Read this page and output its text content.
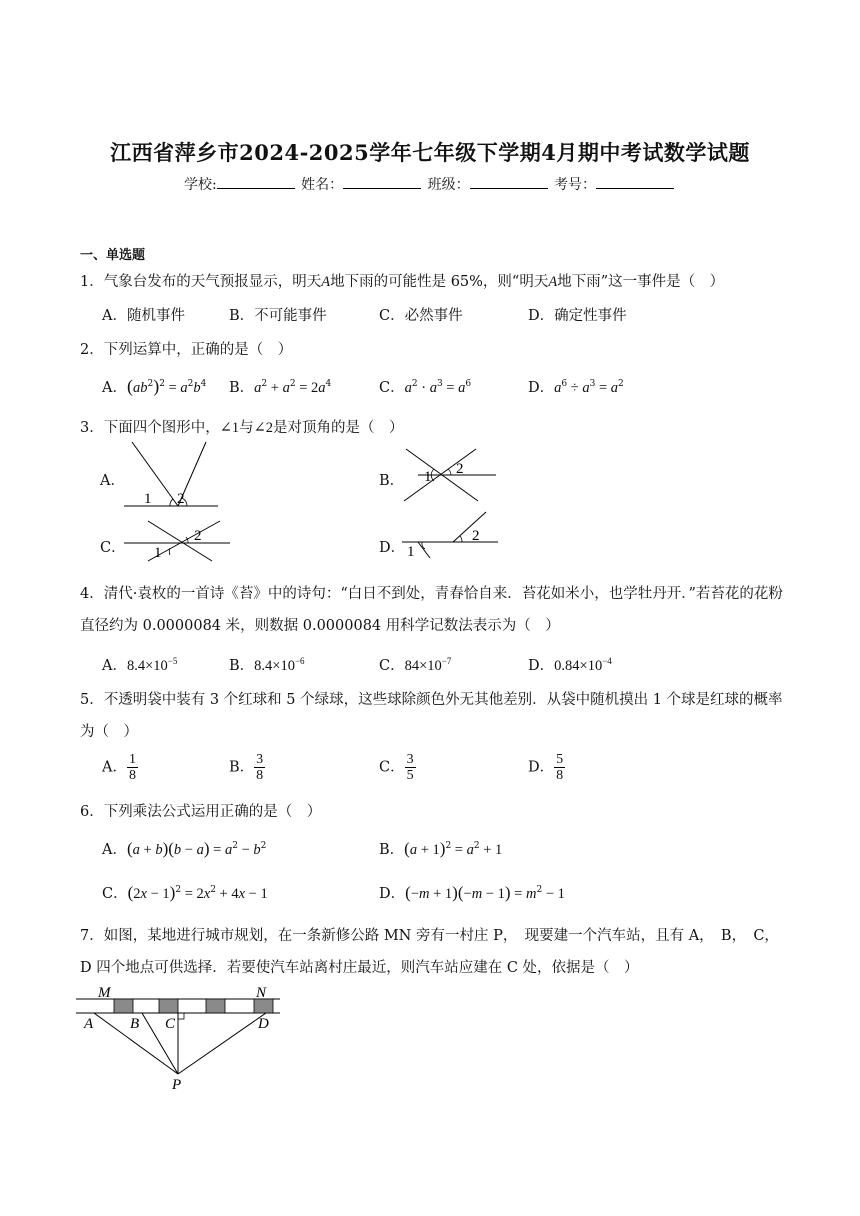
江西省萍乡市2024-2025学年七年级下学期4月期中考试数学试题
学校:	姓名：	班级：	考号：
一、单选题
1．气象台发布的天气预报显示，明天A地下雨的可能性是 65%，则“明天A地下雨”这一事件是（　）
A．随机事件	B．不可能事件	C．必然事件	D．确定性事件
2．下列运算中，正确的是（　）
A．$(ab^2)^2 = a^2b^4$ B．$a^2 + a^2 = 2a^4$	C．$a^2 \cdot a^3 = a^6$	D．$a^6 \div a^3 = a^2$
3．下面四个图形中，∠1与∠2是对顶角的是（　）
A．	B．
C．	D．
1 2
1 2
1
2
1
2
4．清代·袁枚的一首诗《苔》中的诗句：“白日不到处，青春恰自来．苔花如米小，也学牡丹开．”若苔花的花粉直径约为 0.0000084 米，则数据 0.0000084 用科学记数法表示为（　）
A．$8.4\times 10^{-5}$	B．$8.4\times 10^{-6}$	C．$84\times 10^{-7}$	D．$0.84\times 10^{-4}$
5．不透明袋中装有 3 个红球和 5 个绿球，这些球除颜色外无其他差别．从袋中随机摸出 1 个球是红球的概率为（　）
A． $\frac{1}{8}$	B． $\frac{3}{8}$	C． $\frac{3}{5}$	D． $\frac{5}{8}$
6．下列乘法公式运用正确的是（　）
A．$(a + b)(b - a) = a^2 - b^2$	B．$(a + 1)^2 = a^2 + 1$
C．$(2x - 1)^2 = 2x^2 + 4x - 1$	D．$(-m + 1)(-m - 1) = m^2 - 1$
7．如图，某地进行城市规划，在一条新修公路 MN 旁有一村庄 P，　现要建一个汽车站，且有 A，　B，　C，D 四个地点可供选择．若要使汽车站离村庄最近，则汽车站应建在 C 处，依据是（　）
M	N
A B C	D
P
